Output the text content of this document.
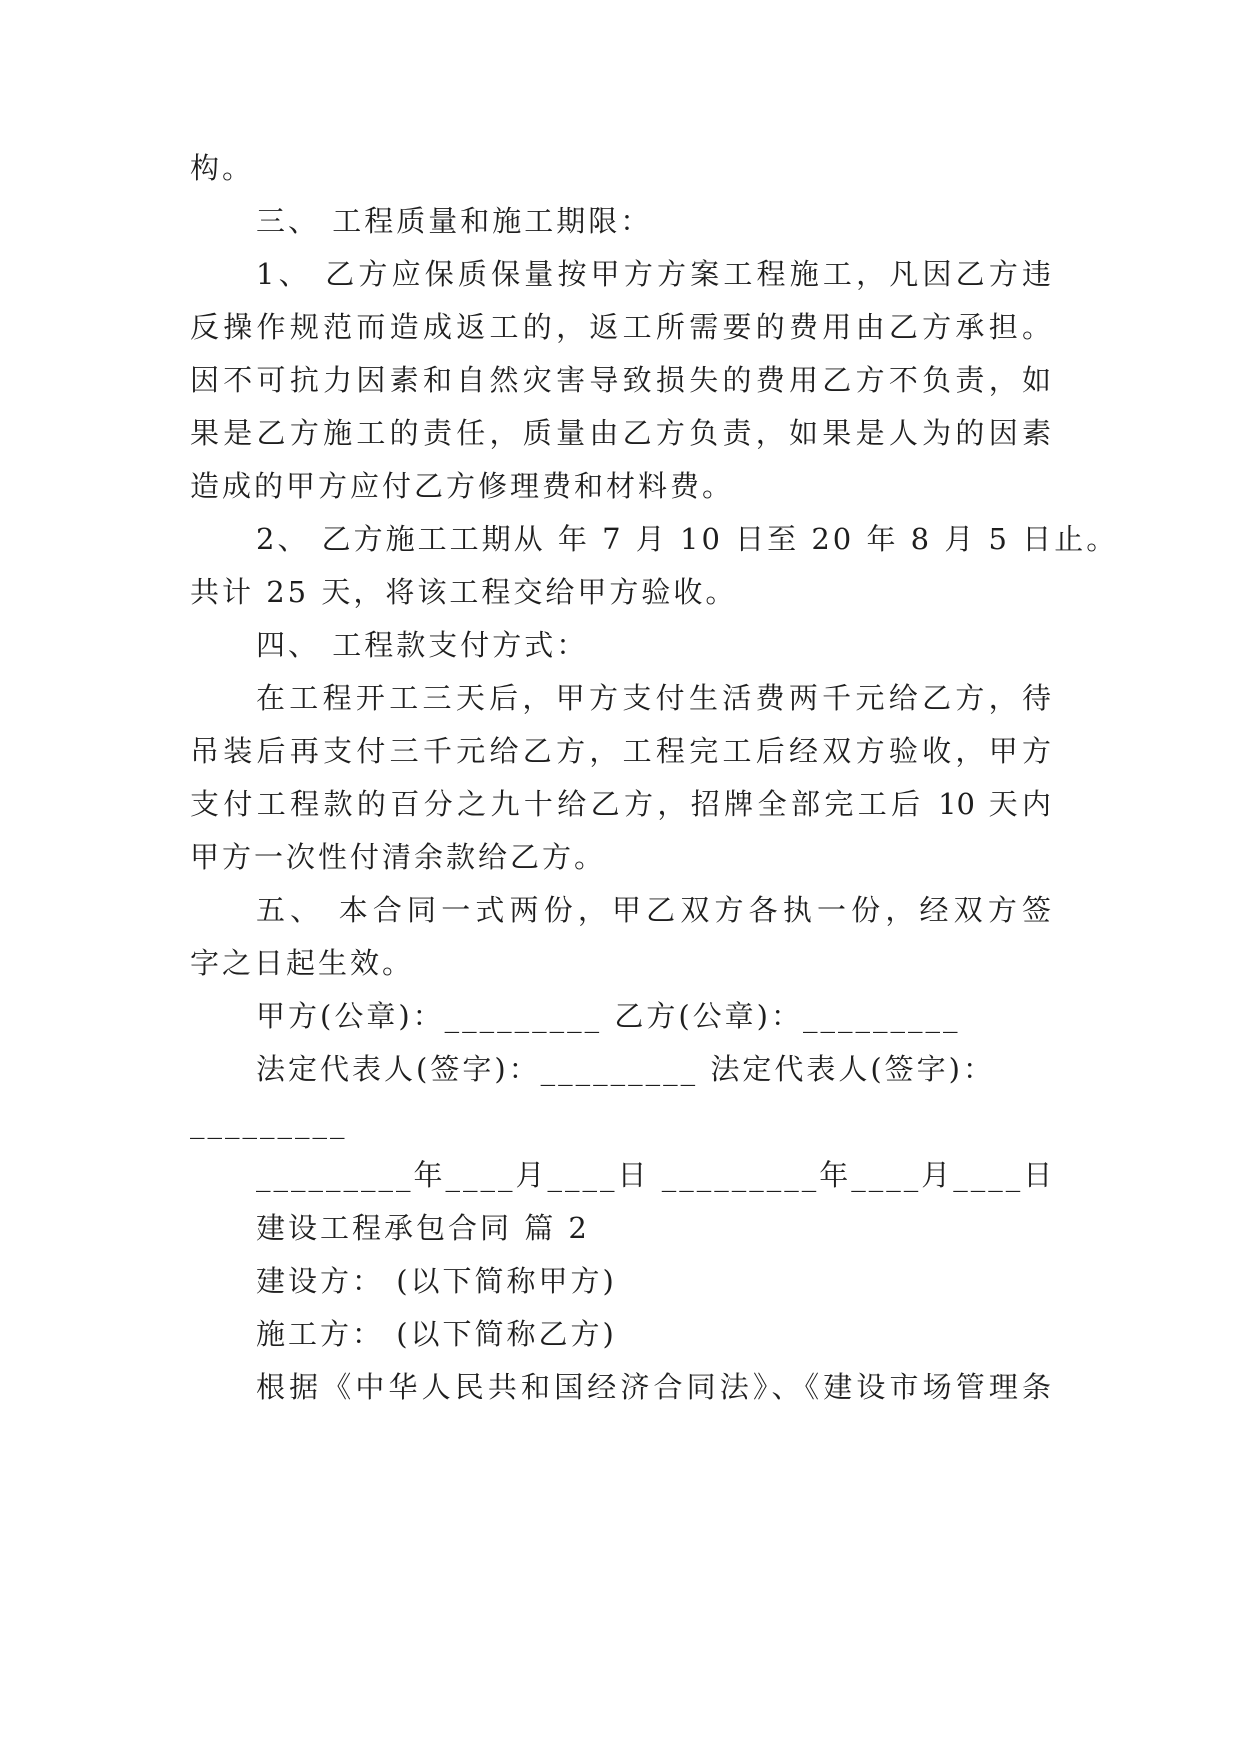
构。
三、 工程质量和施工期限：
1、 乙方应保质保量按甲方方案工程施工，凡因乙方违
反操作规范而造成返工的，返工所需要的费用由乙方承担。
因不可抗力因素和自然灾害导致损失的费用乙方不负责，如
果是乙方施工的责任，质量由乙方负责，如果是人为的因素
造成的甲方应付乙方修理费和材料费。
2、 乙方施工工期从 年 7 月 10 日至 20 年 8 月 5 日止。
共计 25 天，将该工程交给甲方验收。
四、 工程款支付方式：
在工程开工三天后，甲方支付生活费两千元给乙方，待
吊装后再支付三千元给乙方，工程完工后经双方验收，甲方
支付工程款的百分之九十给乙方，招牌全部完工后 10 天内
甲方一次性付清余款给乙方。
五、 本合同一式两份，甲乙双方各执一份，经双方签
字之日起生效。
甲方(公章)：_________ 乙方(公章)：_________
法定代表人(签字)：_________ 法定代表人(签字)：
_________
_________年____月____日 _________年____月____日
建设工程承包合同 篇 2
建设方： (以下简称甲方)
施工方： (以下简称乙方)
根据《中华人民共和国经济合同法》、《建设市场管理条
